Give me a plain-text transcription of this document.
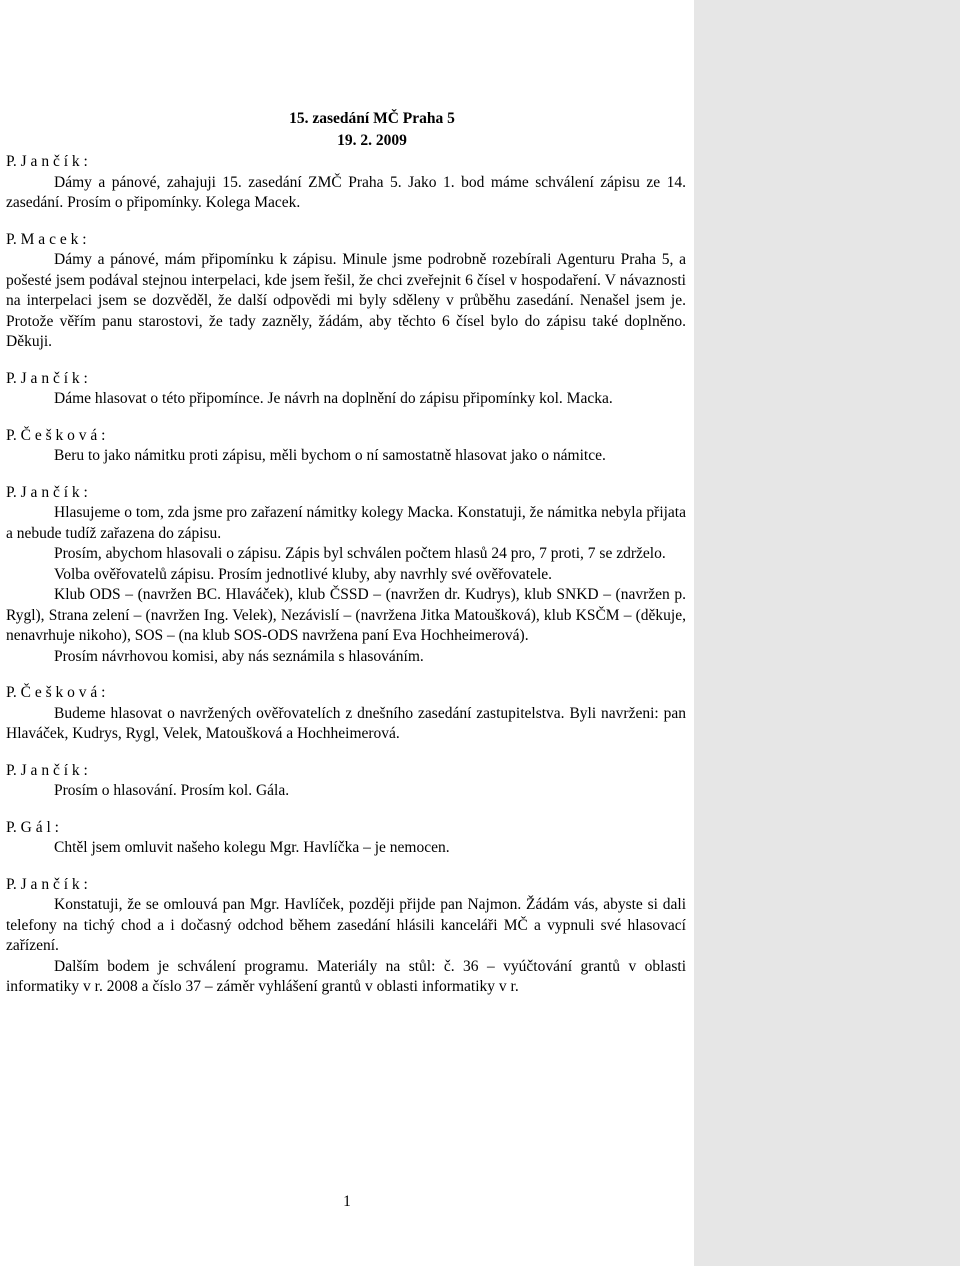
15. zasedání MČ Praha 5
19. 2. 2009
P. J a n č í k :

Dámy a pánové, zahajuji 15. zasedání ZMČ Praha 5. Jako 1. bod máme schválení zápisu ze 14. zasedání. Prosím o připomínky. Kolega Macek.

P. M a c e k :

Dámy a pánové, mám připomínku k zápisu. Minule jsme podrobně rozebírali Agenturu Praha 5, a pošesté jsem podával stejnou interpelaci, kde jsem řešil, že chci zveřejnit 6 čísel v hospodaření. V návaznosti na interpelaci jsem se dozvěděl, že další odpovědi mi byly sděleny v průběhu zasedání. Nenašel jsem je. Protože věřím panu starostovi, že tady zazněly, žádám, aby těchto 6 čísel bylo do zápisu také doplněno. Děkuji.

P. J a n č í k :

Dáme hlasovat o této připomínce. Je návrh na doplnění do zápisu připomínky kol. Macka.

P. Č e š k o v á :

Beru to jako námitku proti zápisu, měli bychom o ní samostatně hlasovat jako o námitce.

P. J a n č í k :

Hlasujeme o tom, zda jsme pro zařazení námitky kolegy Macka. Konstatuji, že námitka nebyla přijata a nebude tudíž zařazena do zápisu.

Prosím, abychom hlasovali o zápisu. Zápis byl schválen počtem hlasů 24 pro, 7 proti, 7 se zdrželo.

Volba ověřovatelů zápisu. Prosím jednotlivé kluby, aby navrhly své ověřovatele.

Klub ODS – (navržen BC. Hlaváček), klub ČSSD – (navržen dr. Kudrys), klub SNKD – (navržen p. Rygl), Strana zelení – (navržen Ing. Velek), Nezávislí – (navržena Jitka Matoušková), klub KSČM – (děkuje, nenavrhuje nikoho), SOS – (na klub SOS-ODS navržena paní Eva Hochheimerová).

Prosím návrhovou komisi, aby nás seznámila s hlasováním.

P. Č e š k o v á :

Budeme hlasovat o navržených ověřovatelích z dnešního zasedání zastupitelstva. Byli navrženi: pan Hlaváček, Kudrys, Rygl, Velek, Matoušková a Hochheimerová.

P. J a n č í k :

Prosím o hlasování. Prosím kol. Gála.

P. G á l :

Chtěl jsem omluvit našeho kolegu Mgr. Havlíčka – je nemocen.

P. J a n č í k :

Konstatuji, že se omlouvá pan Mgr. Havlíček, později přijde pan Najmon. Žádám vás, abyste si dali telefony na tichý chod a i dočasný odchod během zasedání hlásili kanceláři MČ a vypnuli své hlasovací zařízení.

Dalším bodem je schválení programu. Materiály na stůl: č. 36 – vyúčtování grantů v oblasti informatiky v r. 2008 a číslo 37 – záměr vyhlášení grantů v oblasti informatiky v r.

1
